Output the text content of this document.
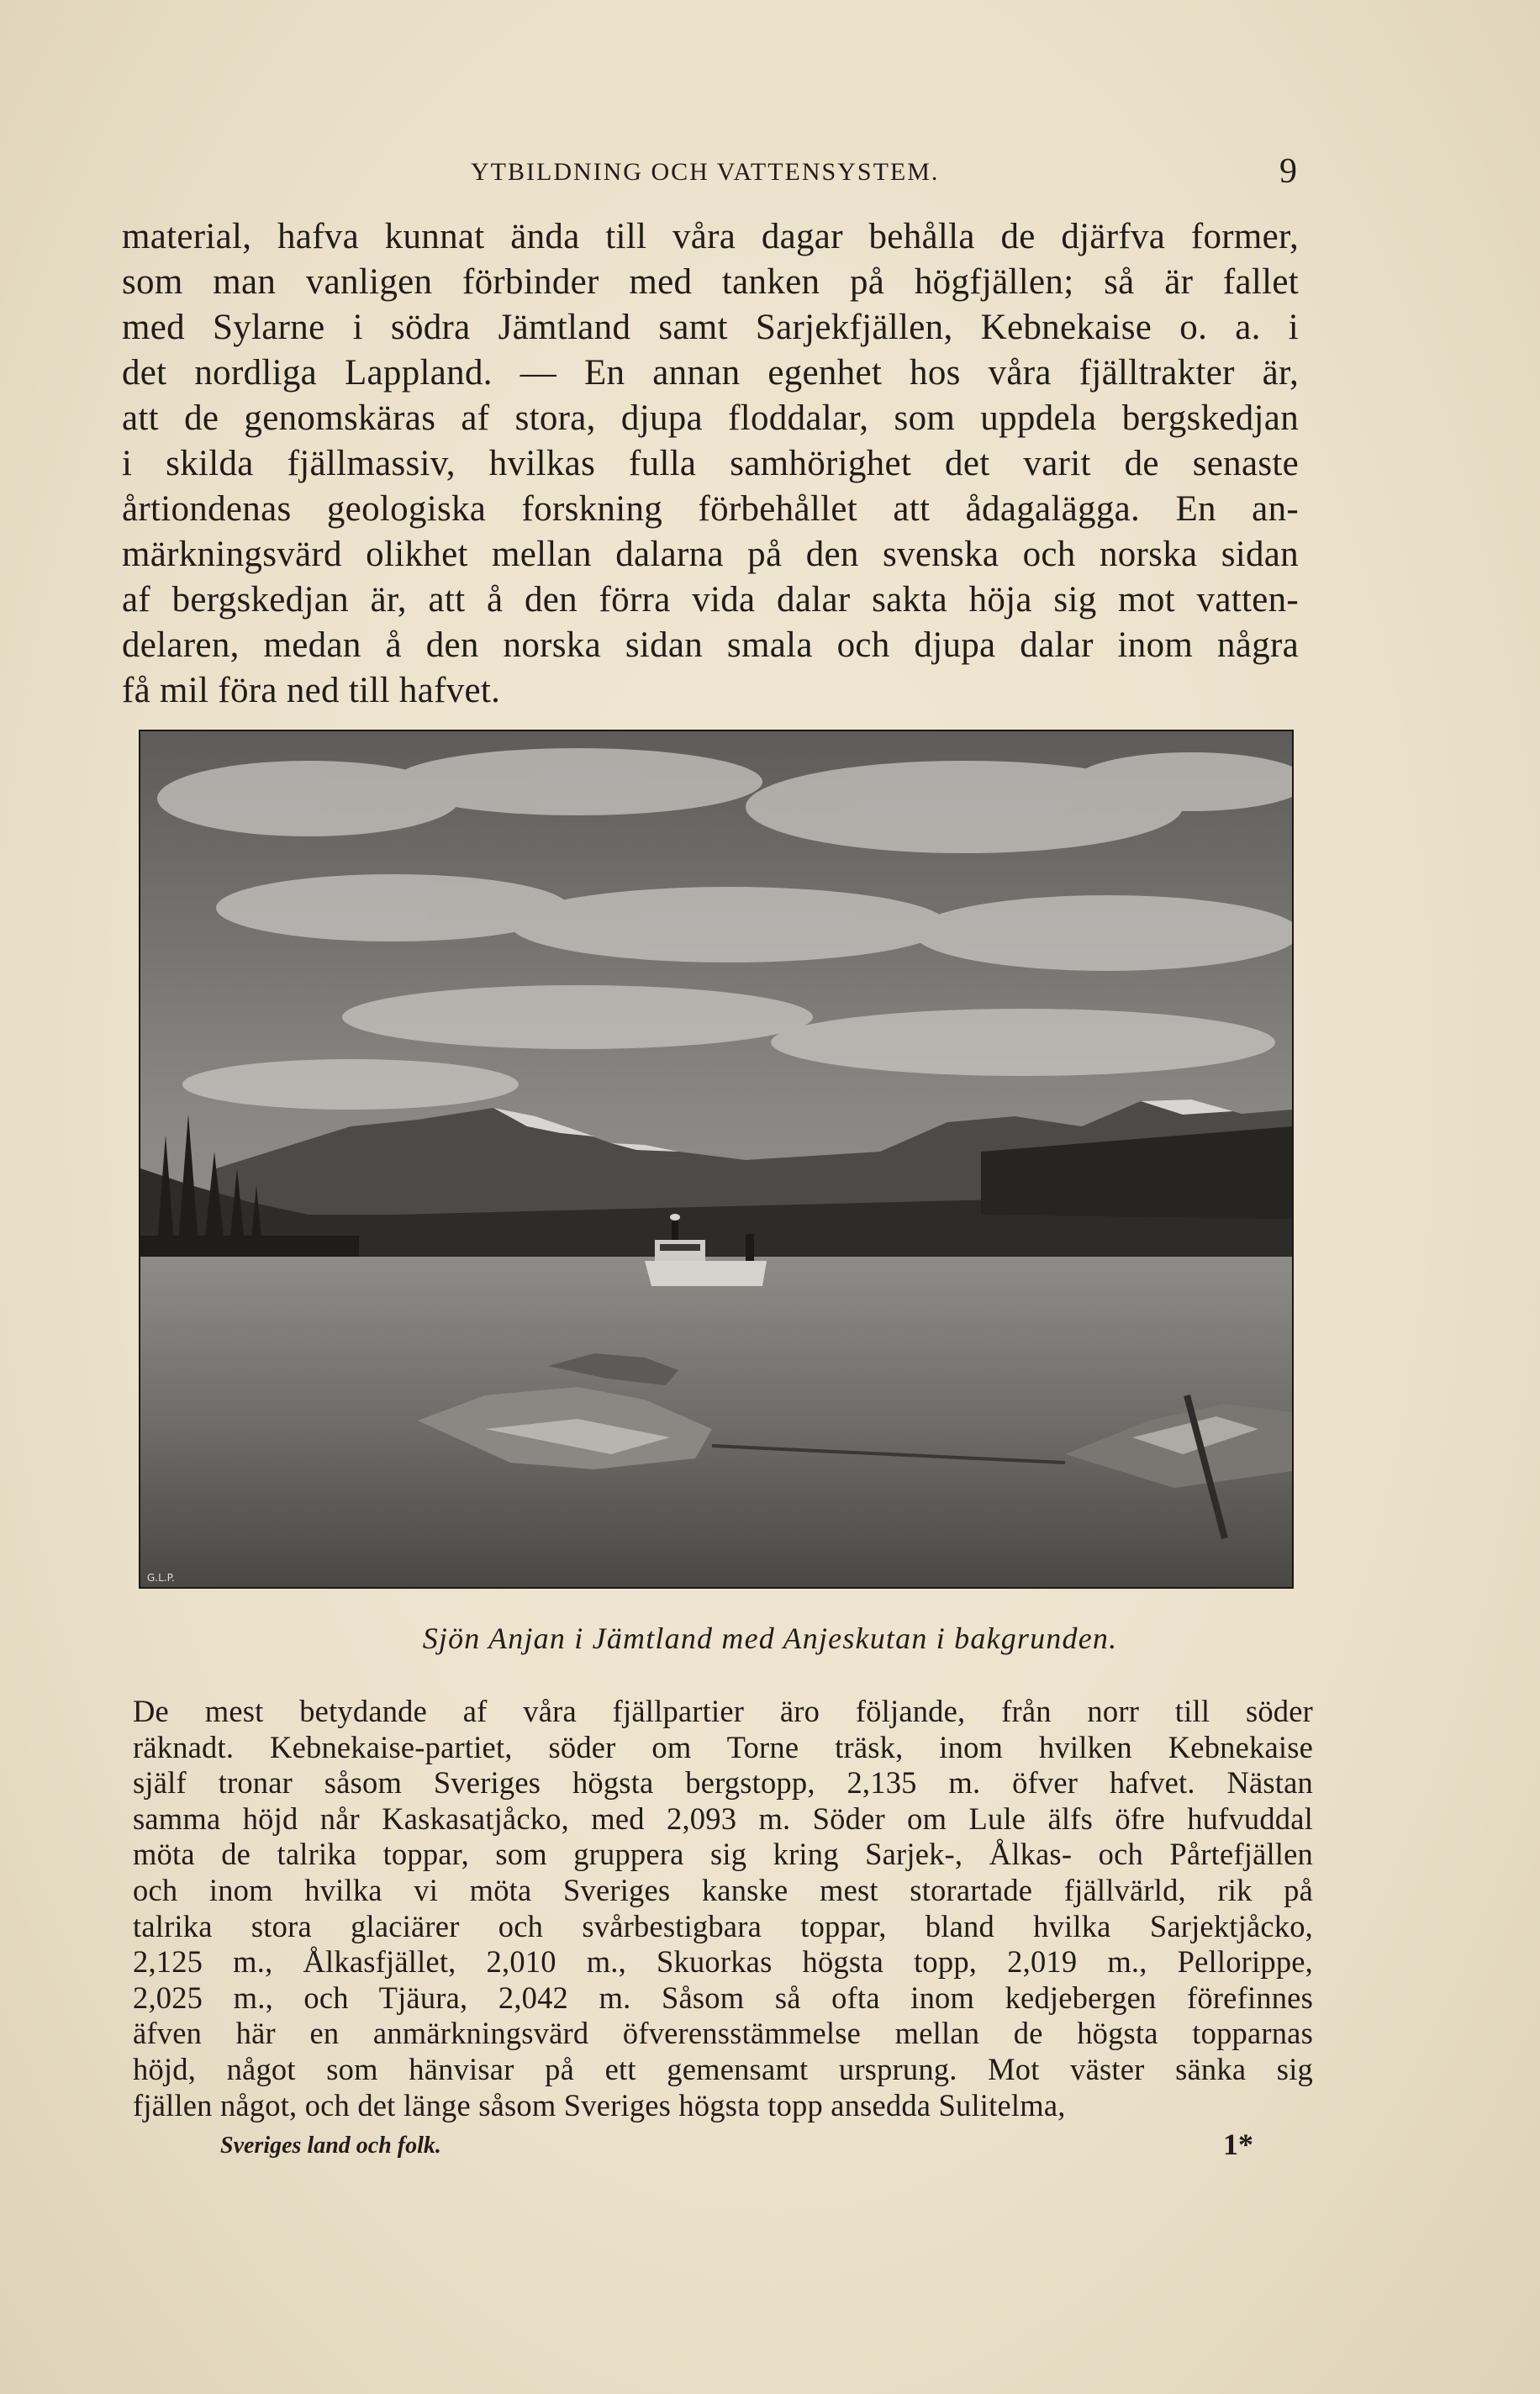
YTBILDNING OCH VATTENSYSTEM.	9

material, hafva kunnat ända till våra dagar behålla de djärfva former,
som man vanligen förbinder med tanken på högfjällen; så är fallet
med Sylarne i södra Jämtland samt Sarjekfjällen, Kebnekaise o. a. i
det nordliga Lappland. — En annan egenhet hos våra fjälltrakter är,
att de genomskäras af stora, djupa floddalar, som uppdela bergskedjan
i skilda fjällmassiv, hvilkas fulla samhörighet det varit de senaste
årtiondenas geologiska forskning förbehållet att ådagalägga. En an-
märkningsvärd olikhet mellan dalarna på den svenska och norska sidan
af bergskedjan är, att å den förra vida dalar sakta höja sig mot vatten-
delaren, medan å den norska sidan smala och djupa dalar inom några
få mil föra ned till hafvet.

G.L.P.
Sjön Anjan i Jämtland med Anjeskutan i bakgrunden.

De mest betydande af våra fjällpartier äro följande, från norr till söder
räknadt. Kebnekaise-partiet, söder om Torne träsk, inom hvilken Kebnekaise
själf tronar såsom Sveriges högsta bergstopp, 2,135 m. öfver hafvet. Nästan
samma höjd når Kaskasatjåcko, med 2,093 m. Söder om Lule älfs öfre hufvuddal
möta de talrika toppar, som gruppera sig kring Sarjek-, Ålkas- och Pårtefjällen
och inom hvilka vi möta Sveriges kanske mest storartade fjällvärld, rik på
talrika stora glaciärer och svårbestigbara toppar, bland hvilka Sarjektjåcko,
2,125 m., Ålkasfjället, 2,010 m., Skuorkas högsta topp, 2,019 m., Pellorippe,
2,025 m., och Tjäura, 2,042 m. Såsom så ofta inom kedjebergen förefinnes
äfven här en anmärkningsvärd öfverensstämmelse mellan de högsta topparnas
höjd, något som hänvisar på ett gemensamt ursprung. Mot väster sänka sig
fjällen något, och det länge såsom Sveriges högsta topp ansedda Sulitelma,

Sveriges land och folk.	1*
